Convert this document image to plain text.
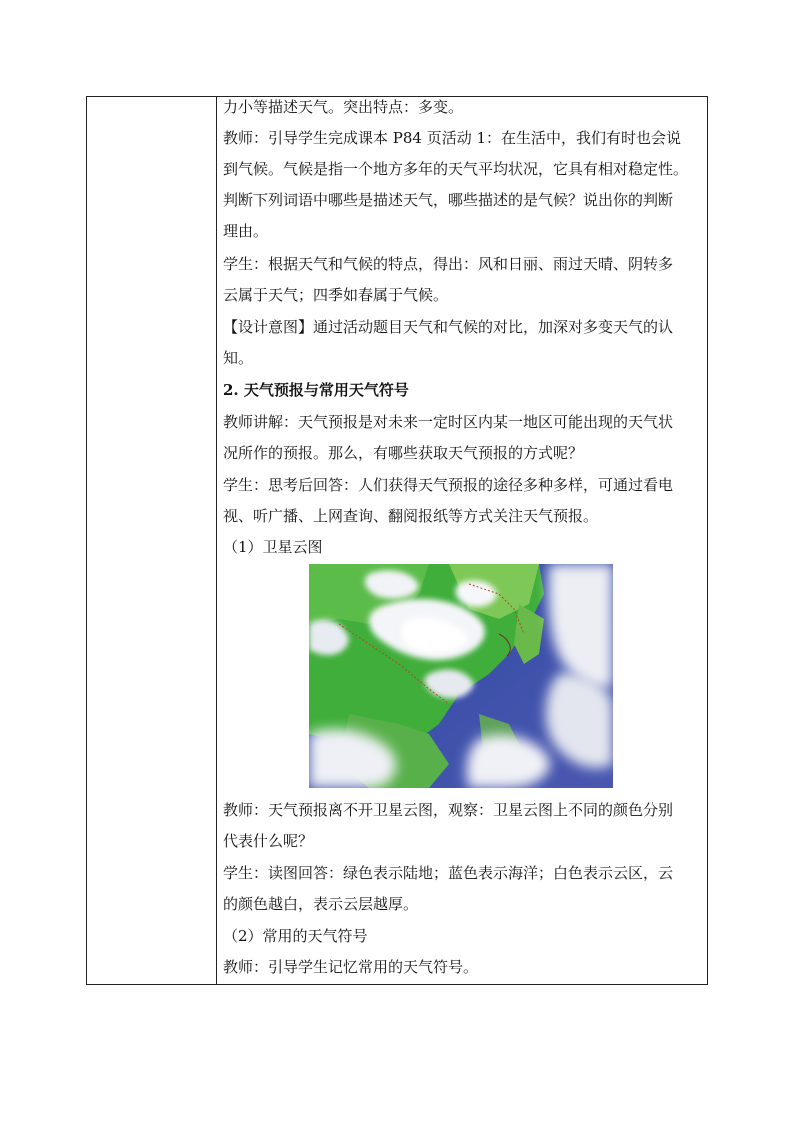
力小等描述天气。突出特点：多变。
教师：引导学生完成课本 P84 页活动 1：在生活中，我们有时也会说
到气候。气候是指一个地方多年的天气平均状况，它具有相对稳定性。
判断下列词语中哪些是描述天气，哪些描述的是气候？说出你的判断
理由。
学生：根据天气和气候的特点，得出：风和日丽、雨过天晴、阴转多
云属于天气；四季如春属于气候。
【设计意图】通过活动题目天气和气候的对比，加深对多变天气的认
知。
2. 天气预报与常用天气符号
教师讲解：天气预报是对未来一定时区内某一地区可能出现的天气状
况所作的预报。那么，有哪些获取天气预报的方式呢？
学生：思考后回答：人们获得天气预报的途径多种多样，可通过看电
视、听广播、上网查询、翻阅报纸等方式关注天气预报。
（1）卫星云图
教师：天气预报离不开卫星云图，观察：卫星云图上不同的颜色分别
代表什么呢？
学生：读图回答：绿色表示陆地；蓝色表示海洋；白色表示云区，云
的颜色越白，表示云层越厚。
（2）常用的天气符号
教师：引导学生记忆常用的天气符号。
